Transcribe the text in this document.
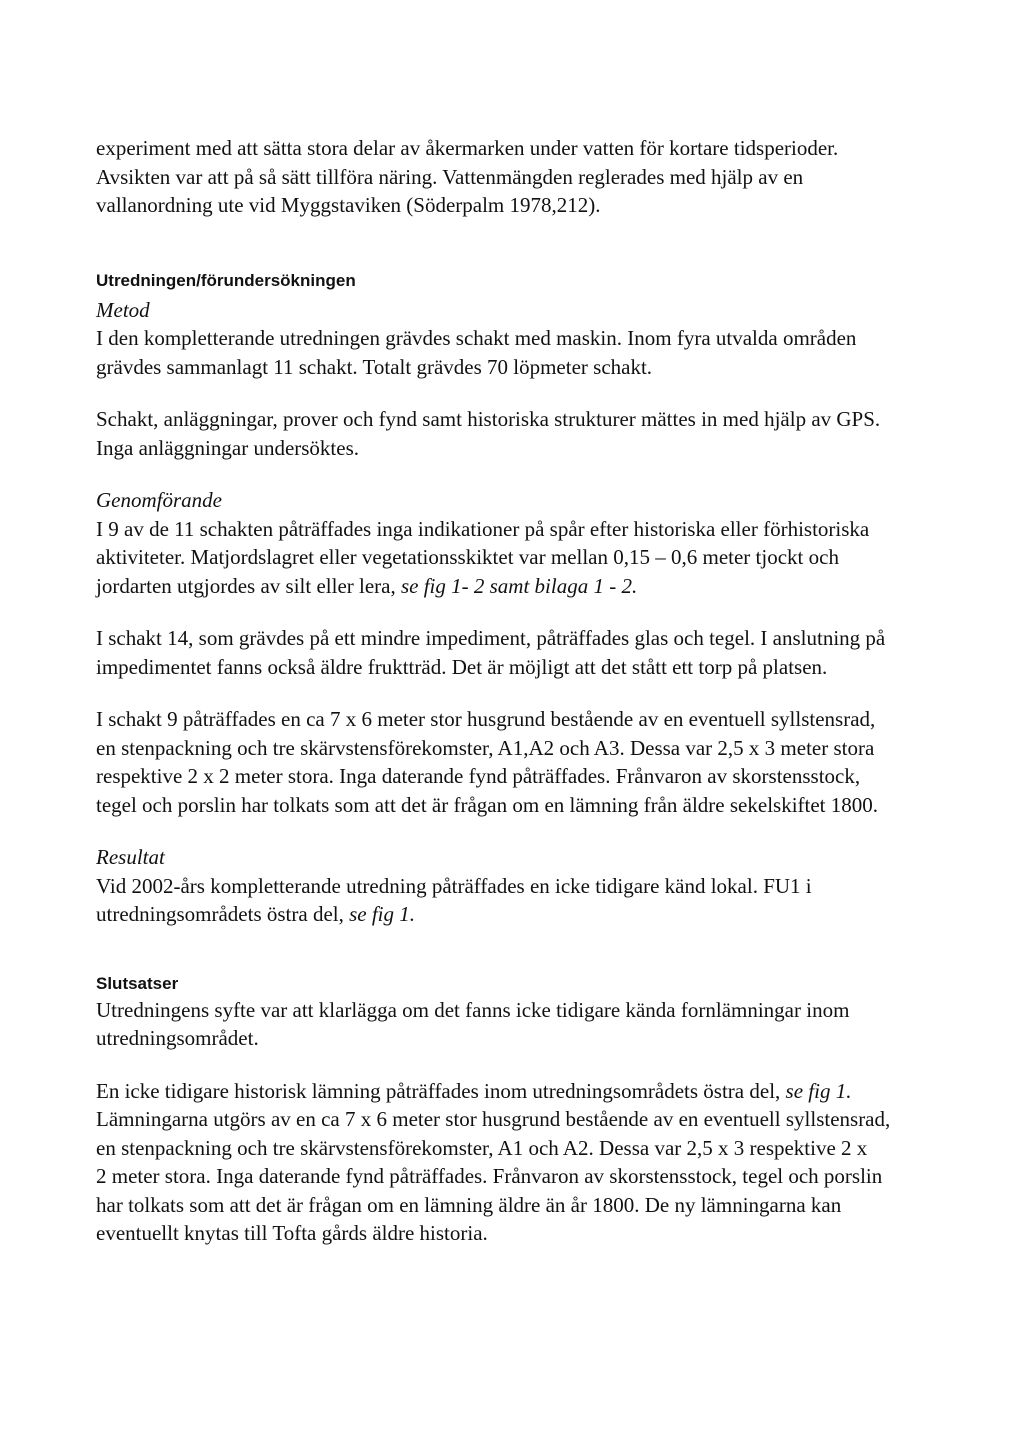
experiment med att sätta stora delar av åkermarken under vatten för kortare tidsperioder.
Avsikten var att på så sätt tillföra näring. Vattenmängden reglerades med hjälp av en
vallanordning ute vid Myggstaviken (Söderpalm 1978,212).

Utredningen/förundersökningen

Metod

I den kompletterande utredningen grävdes schakt med maskin. Inom fyra utvalda områden
grävdes sammanlagt 11 schakt. Totalt grävdes 70 löpmeter schakt.

Schakt, anläggningar, prover och fynd samt historiska strukturer mättes in med hjälp av GPS.
Inga anläggningar undersöktes.

Genomförande

I 9 av de 11 schakten påträffades inga indikationer på spår efter historiska eller förhistoriska
aktiviteter. Matjordslagret eller vegetationsskiktet var mellan 0,15 – 0,6 meter tjockt och
jordarten utgjordes av silt eller lera, se fig 1- 2 samt bilaga 1 - 2.

I schakt 14, som grävdes på ett mindre impediment, påträffades glas och tegel. I anslutning på
impedimentet fanns också äldre fruktträd. Det är möjligt att det stått ett torp på platsen.

I schakt 9 påträffades en ca 7 x 6 meter stor husgrund bestående av en eventuell syllstensrad,
en stenpackning och tre skärvstensförekomster, A1,A2 och A3. Dessa var 2,5 x 3 meter stora
respektive 2 x 2 meter stora. Inga daterande fynd påträffades. Frånvaron av skorstensstock,
tegel och porslin har tolkats som att det är frågan om en lämning från äldre sekelskiftet 1800.

Resultat

Vid 2002-års kompletterande utredning påträffades en icke tidigare känd lokal. FU1 i
utredningsområdets östra del, se fig 1.

Slutsatser

Utredningens syfte var att klarlägga om det fanns icke tidigare kända fornlämningar inom
utredningsområdet.

En icke tidigare historisk lämning påträffades inom utredningsområdets östra del, se fig 1.
Lämningarna utgörs av en ca 7 x 6 meter stor husgrund bestående av en eventuell syllstensrad,
en stenpackning och tre skärvstensförekomster, A1 och A2. Dessa var 2,5 x 3 respektive 2 x
2 meter stora. Inga daterande fynd påträffades. Frånvaron av skorstensstock, tegel och porslin
har tolkats som att det är frågan om en lämning äldre än år 1800. De ny lämningarna kan
eventuellt knytas till Tofta gårds äldre historia.
